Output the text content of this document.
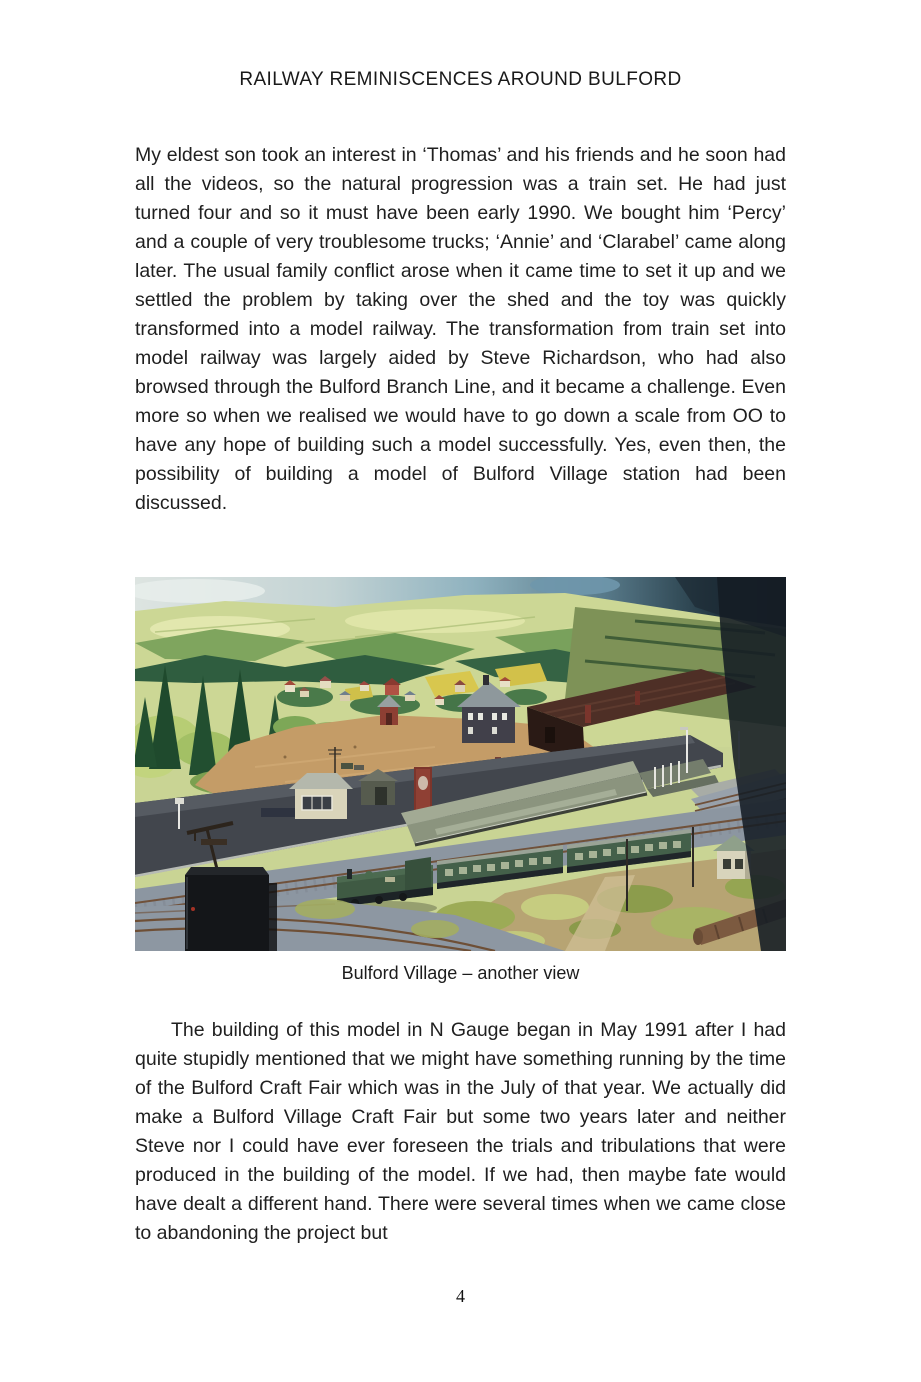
RAILWAY REMINISCENCES AROUND BULFORD
My eldest son took an interest in ‘Thomas’ and his friends and he soon had all the videos, so the natural progression was a train set. He had just turned four and so it must have been early 1990. We bought him ‘Percy’ and a couple of very troublesome trucks; ‘Annie’ and ‘Clarabel’ came along later. The usual family conflict arose when it came time to set it up and we settled the problem by taking over the shed and the toy was quickly transformed into a model railway. The transformation from train set into model railway was largely aided by Steve Richardson, who had also browsed through the Bulford Branch Line, and it became a challenge. Even more so when we realised we would have to go down a scale from OO to have any hope of building such a model successfully. Yes, even then, the possibility of building a model of Bulford Village station had been discussed.
Bulford Village – another view
The building of this model in N Gauge began in May 1991 after I had quite stupidly mentioned that we might have something running by the time of the Bulford Craft Fair which was in the July of that year. We actually did make a Bulford Village Craft Fair but some two years later and neither Steve nor I could have ever foreseen the trials and tribulations that were produced in the building of the model. If we had, then maybe fate would have dealt a different hand. There were several times when we came close to abandoning the project but
4
